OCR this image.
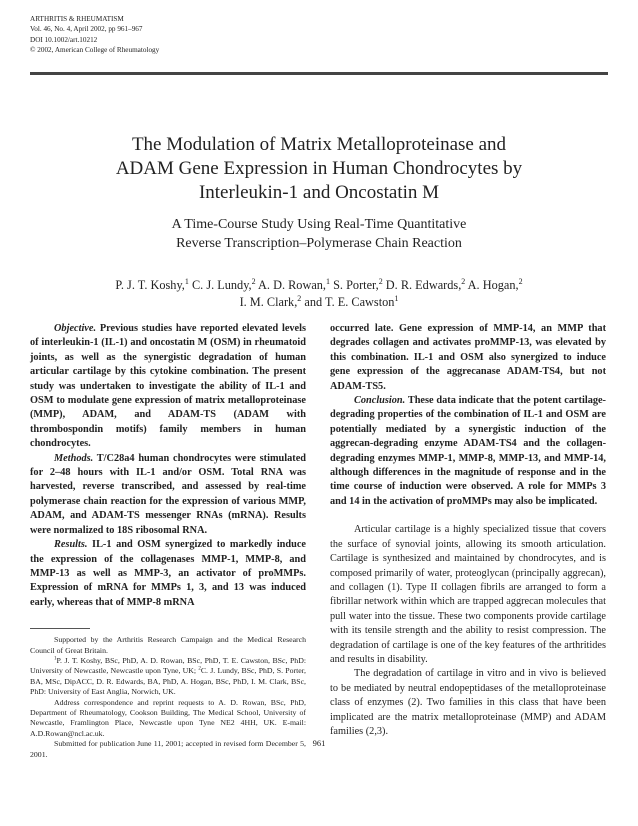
ARTHRITIS & RHEUMATISM
Vol. 46, No. 4, April 2002, pp 961–967
DOI 10.1002/art.10212
© 2002, American College of Rheumatology
The Modulation of Matrix Metalloproteinase and
ADAM Gene Expression in Human Chondrocytes by
Interleukin-1 and Oncostatin M
A Time-Course Study Using Real-Time Quantitative
Reverse Transcription–Polymerase Chain Reaction
P. J. T. Koshy,$^1$ C. J. Lundy,$^2$ A. D. Rowan,$^1$ S. Porter,$^2$ D. R. Edwards,$^2$ A. Hogan,$^2$
I. M. Clark,$^2$ and T. E. Cawston$^1$

Objective. Previous studies have reported elevated levels of interleukin-1 (IL-1) and oncostatin M (OSM) in rheumatoid joints, as well as the synergistic degradation of human articular cartilage by this cytokine combination. The present study was undertaken to investigate the ability of IL-1 and OSM to modulate gene expression of matrix metalloproteinase (MMP), ADAM, and ADAM-TS (ADAM with thrombospondin motifs) family members in human chondrocytes.

Methods. T/C28a4 human chondrocytes were stimulated for 2–48 hours with IL-1 and/or OSM. Total RNA was harvested, reverse transcribed, and assessed by real-time polymerase chain reaction for the expression of various MMP, ADAM, and ADAM-TS messenger RNAs (mRNA). Results were normalized to 18S ribosomal RNA.

Results. IL-1 and OSM synergized to markedly induce the expression of the collagenases MMP-1, MMP-8, and MMP-13 as well as MMP-3, an activator of proMMPs. Expression of mRNA for MMPs 1, 3, and 13 was induced early, whereas that of MMP-8 mRNA

Supported by the Arthritis Research Campaign and the Medical Research Council of Great Britain.

$^1$P. J. T. Koshy, BSc, PhD, A. D. Rowan, BSc, PhD, T. E. Cawston, BSc, PhD: University of Newcastle, Newcastle upon Tyne, UK; $^2$C. J. Lundy, BSc, PhD, S. Porter, BA, MSc, DipACC, D. R. Edwards, BA, PhD, A. Hogan, BSc, PhD, I. M. Clark, BSc, PhD: University of East Anglia, Norwich, UK.

Address correspondence and reprint requests to A. D. Rowan, BSc, PhD, Department of Rheumatology, Cookson Building, The Medical School, University of Newcastle, Framlington Place, Newcastle upon Tyne NE2 4HH, UK. E-mail: A.D.Rowan@ncl.ac.uk.

Submitted for publication June 11, 2001; accepted in revised form December 5, 2001.

occurred late. Gene expression of MMP-14, an MMP that degrades collagen and activates proMMP-13, was elevated by this combination. IL-1 and OSM also synergized to induce gene expression of the aggrecanase ADAM-TS4, but not ADAM-TS5.

Conclusion. These data indicate that the potent cartilage-degrading properties of the combination of IL-1 and OSM are potentially mediated by a synergistic induction of the aggrecan-degrading enzyme ADAM-TS4 and the collagen-degrading enzymes MMP-1, MMP-8, MMP-13, and MMP-14, although differences in the magnitude of response and in the time course of induction were observed. A role for MMPs 3 and 14 in the activation of proMMPs may also be implicated.

Articular cartilage is a highly specialized tissue that covers the surface of synovial joints, allowing its smooth articulation. Cartilage is synthesized and maintained by chondrocytes, and is composed primarily of water, proteoglycan (principally aggrecan), and collagen (1). Type II collagen fibrils are arranged to form a fibrillar network within which are trapped aggrecan molecules that pull water into the tissue. These two components provide cartilage with its tensile strength and the ability to resist compression. The degradation of cartilage is one of the key features of the arthritides and results in disability.

The degradation of cartilage in vitro and in vivo is believed to be mediated by neutral endopeptidases of the metalloproteinase class of enzymes (2). Two families in this class that have been implicated are the matrix metalloproteinase (MMP) and ADAM families (2,3).

961
